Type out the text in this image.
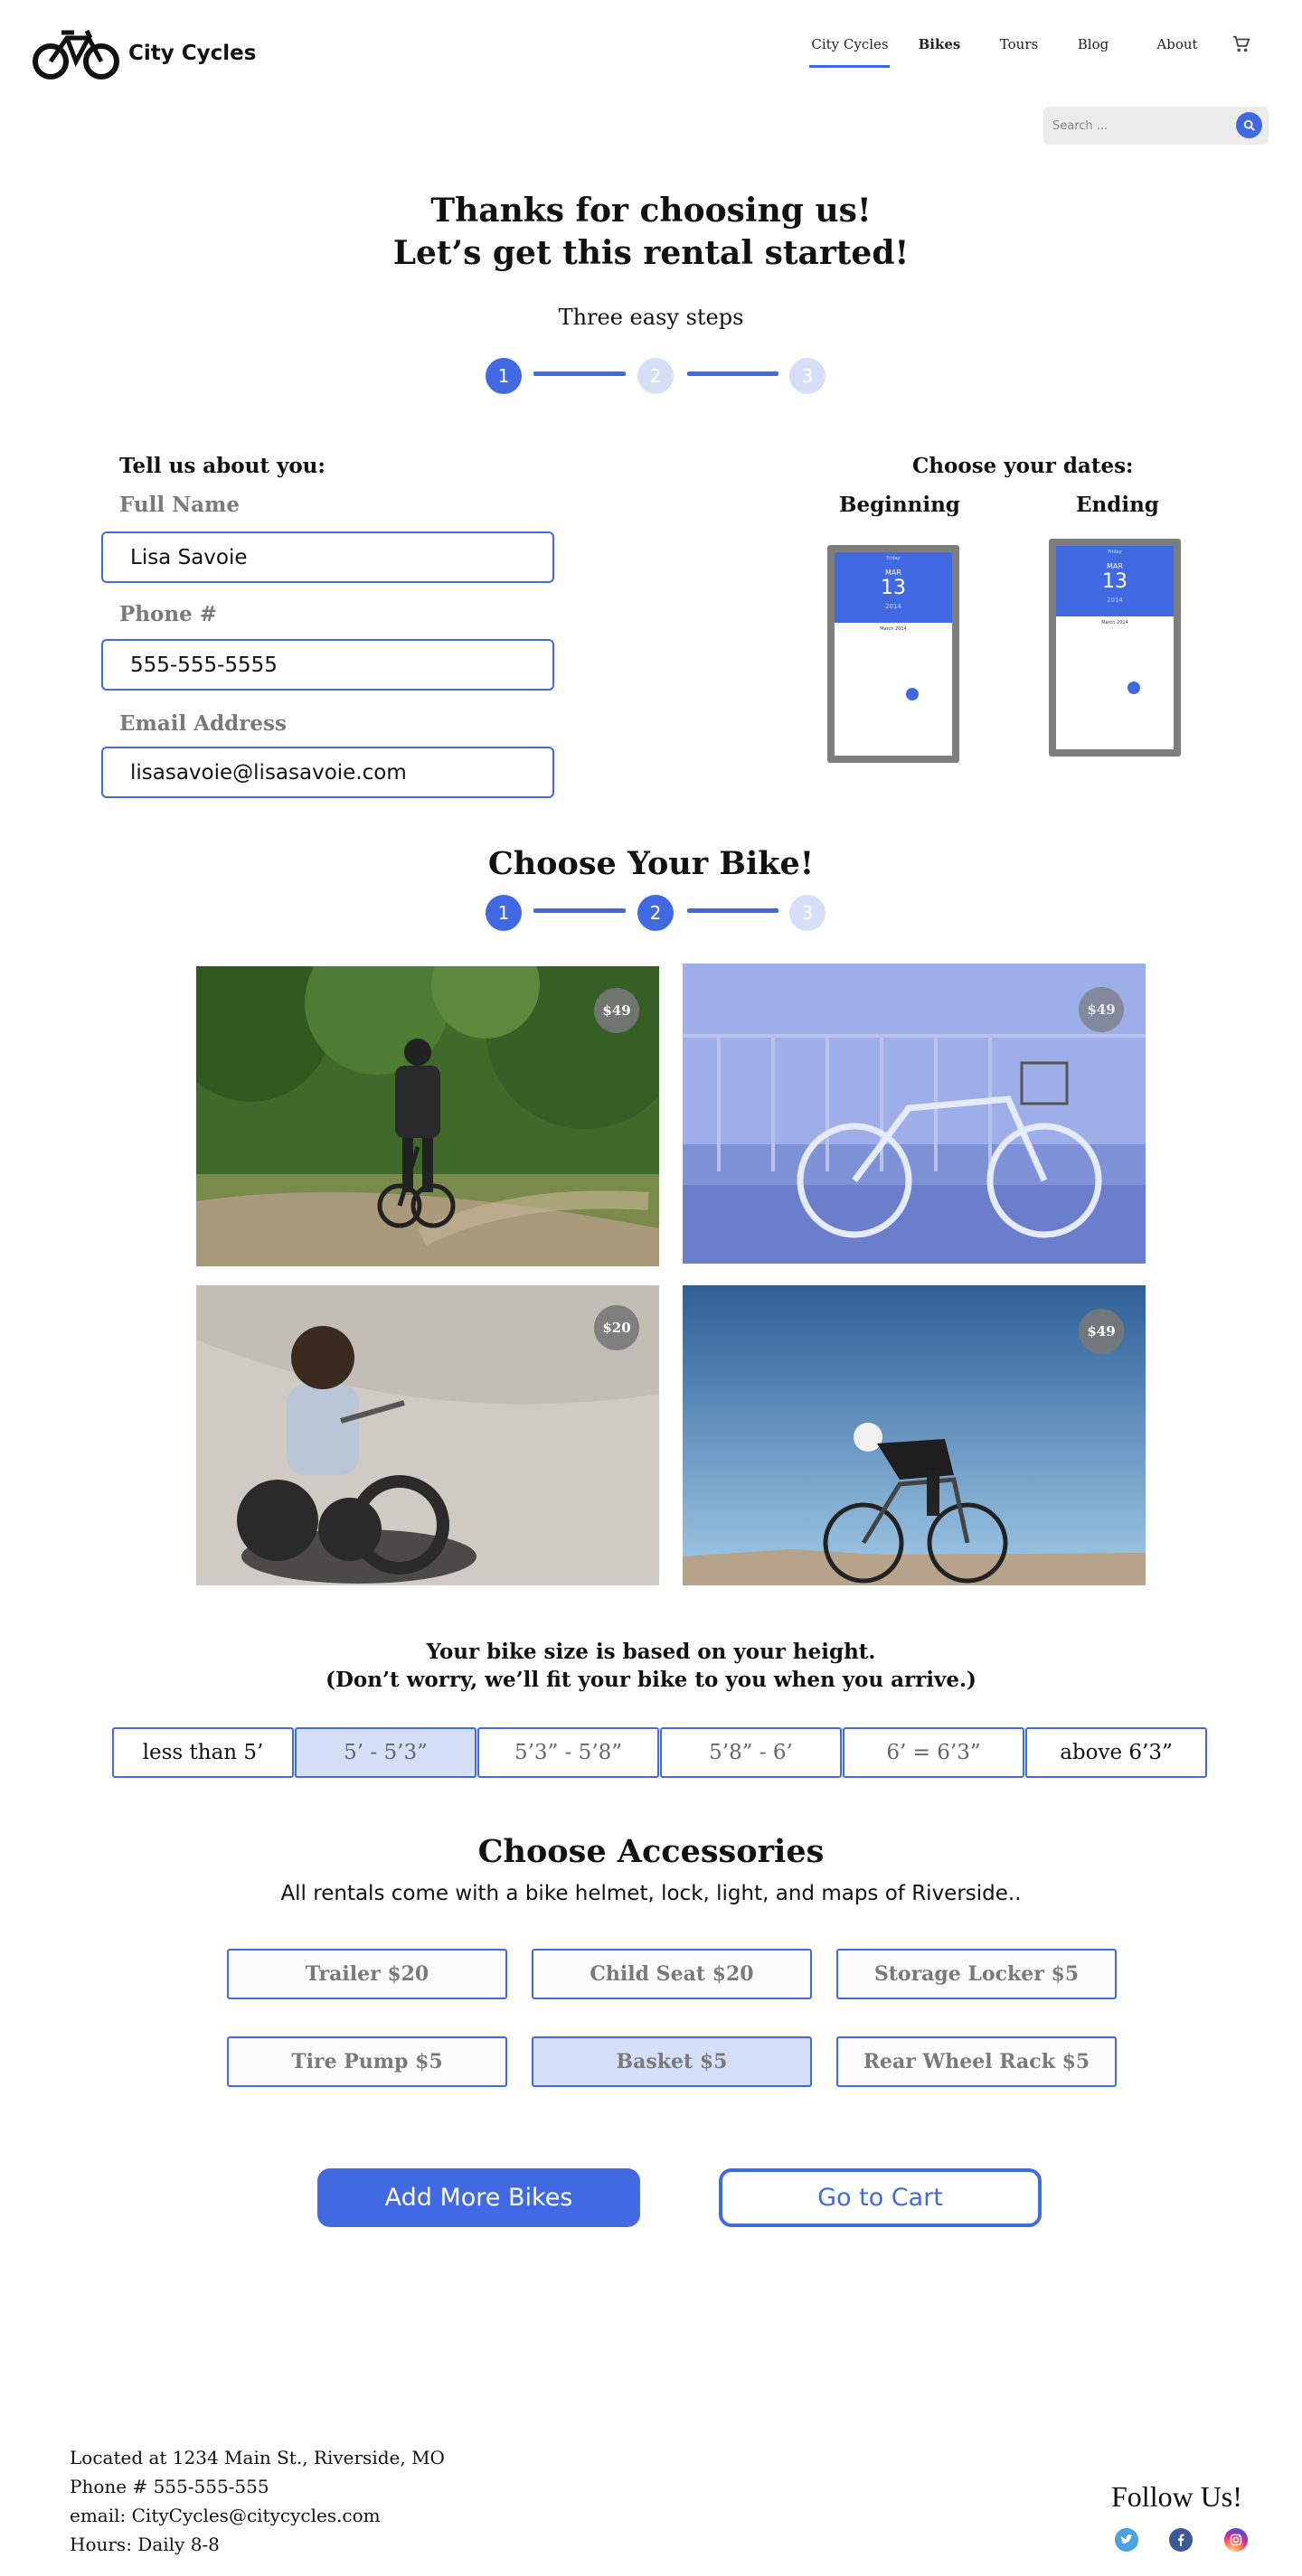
City Cycles	City Cycles Bikes	Tours	Blog	About
Search ...
Thanks for choosing us!
Let’s get this rental started!
Three easy steps
1	2	3
Tell us about you:
Full Name
Lisa Savoie
Phone #
555-555-5555
Email Address
lisasavoie@lisasavoie.com
Choose your dates:
Beginning	Ending
Friday
MAR
13
2014
March 2014
Friday
MAR
13
2014
March 2014
Choose Your Bike!
1	2	3
$49	$49
$20	$49
Your bike size is based on your height.
(Don’t worry, we’ll fit your bike to you when you arrive.)
less than 5’	5’ - 5’3”	5’3” - 5’8”	5’8” - 6’	6’ = 6’3”	above 6’3”
Choose Accessories
All rentals come with a bike helmet, lock, light, and maps of Riverside..
Trailer $20	Child Seat $20	Storage Locker $5
Tire Pump $5	Basket $5	Rear Wheel Rack $5
Add More Bikes	Go to Cart
Located at 1234 Main St., Riverside, MO
Phone # 555-555-555
email: CityCycles@citycycles.com
Hours: Daily 8-8
Follow Us!
